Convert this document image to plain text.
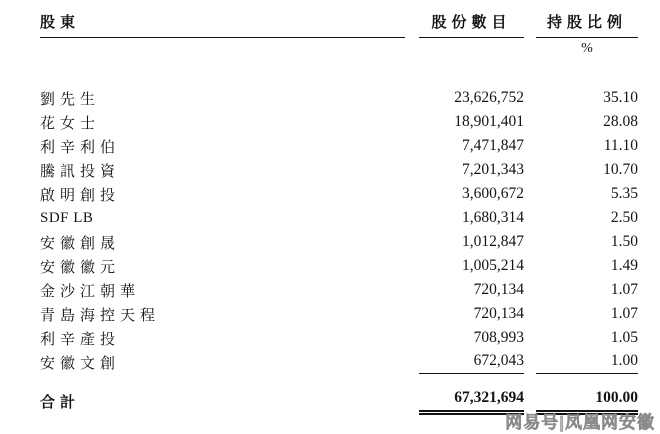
股東	股份數目	持股比例
%
劉先生	23,626,752	35.10
花女士	18,901,401	28.08
利辛利伯	7,471,847	11.10
騰訊投資	7,201,343	10.70
啟明創投	3,600,672	5.35
SDF LB	1,680,314	2.50
安徽創晟	1,012,847	1.50
安徽徽元	1,005,214	1.49
金沙江朝華	720,134	1.07
青島海控天程	720,134	1.07
利辛產投	708,993	1.05
安徽文創	672,043	1.00
合計	67,321,694	100.00
网易号|凤凰网安徽
